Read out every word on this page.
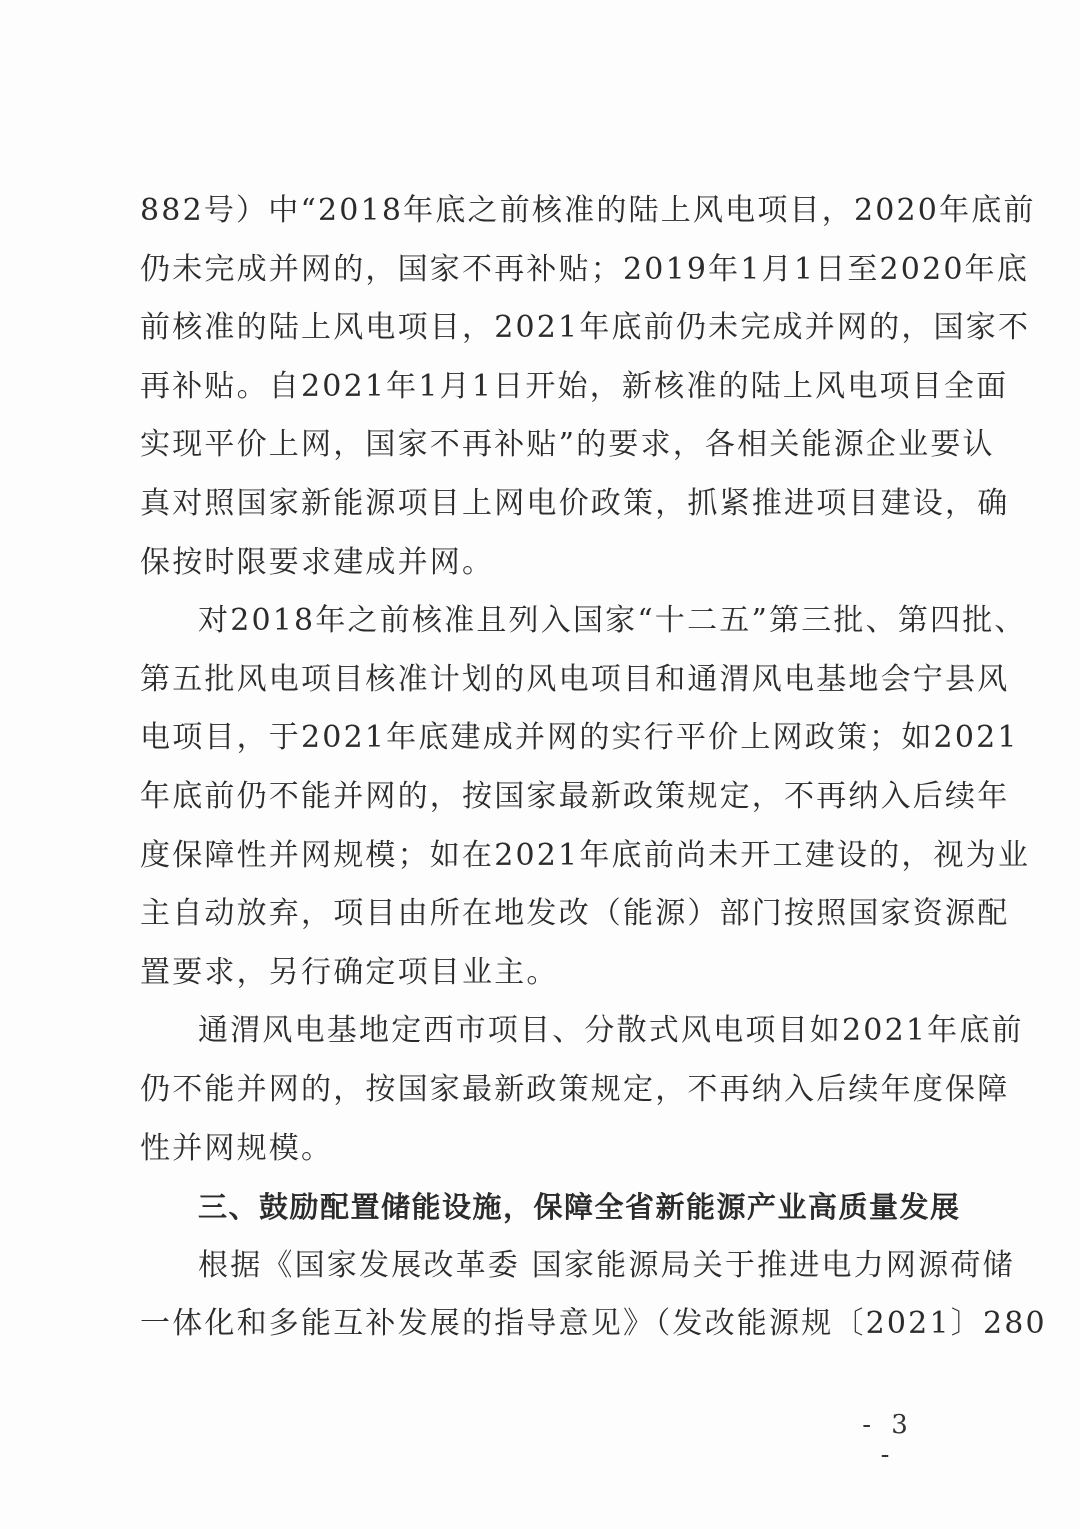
882号）中“2018年底之前核准的陆上风电项目，2020年底前
仍未完成并网的，国家不再补贴；2019年1月1日至2020年底
前核准的陆上风电项目，2021年底前仍未完成并网的，国家不
再补贴。自2021年1月1日开始，新核准的陆上风电项目全面
实现平价上网，国家不再补贴”的要求，各相关能源企业要认
真对照国家新能源项目上网电价政策，抓紧推进项目建设，确
保按时限要求建成并网。
对2018年之前核准且列入国家“十二五”第三批、第四批、
第五批风电项目核准计划的风电项目和通渭风电基地会宁县风
电项目，于2021年底建成并网的实行平价上网政策；如2021
年底前仍不能并网的，按国家最新政策规定，不再纳入后续年
度保障性并网规模；如在2021年底前尚未开工建设的，视为业
主自动放弃，项目由所在地发改（能源）部门按照国家资源配
置要求，另行确定项目业主。
通渭风电基地定西市项目、分散式风电项目如2021年底前
仍不能并网的，按国家最新政策规定，不再纳入后续年度保障
性并网规模。
三、鼓励配置储能设施，保障全省新能源产业高质量发展
根据《国家发展改革委 国家能源局关于推进电力网源荷储
一体化和多能互补发展的指导意见》（发改能源规〔2021〕280
- 3 -
